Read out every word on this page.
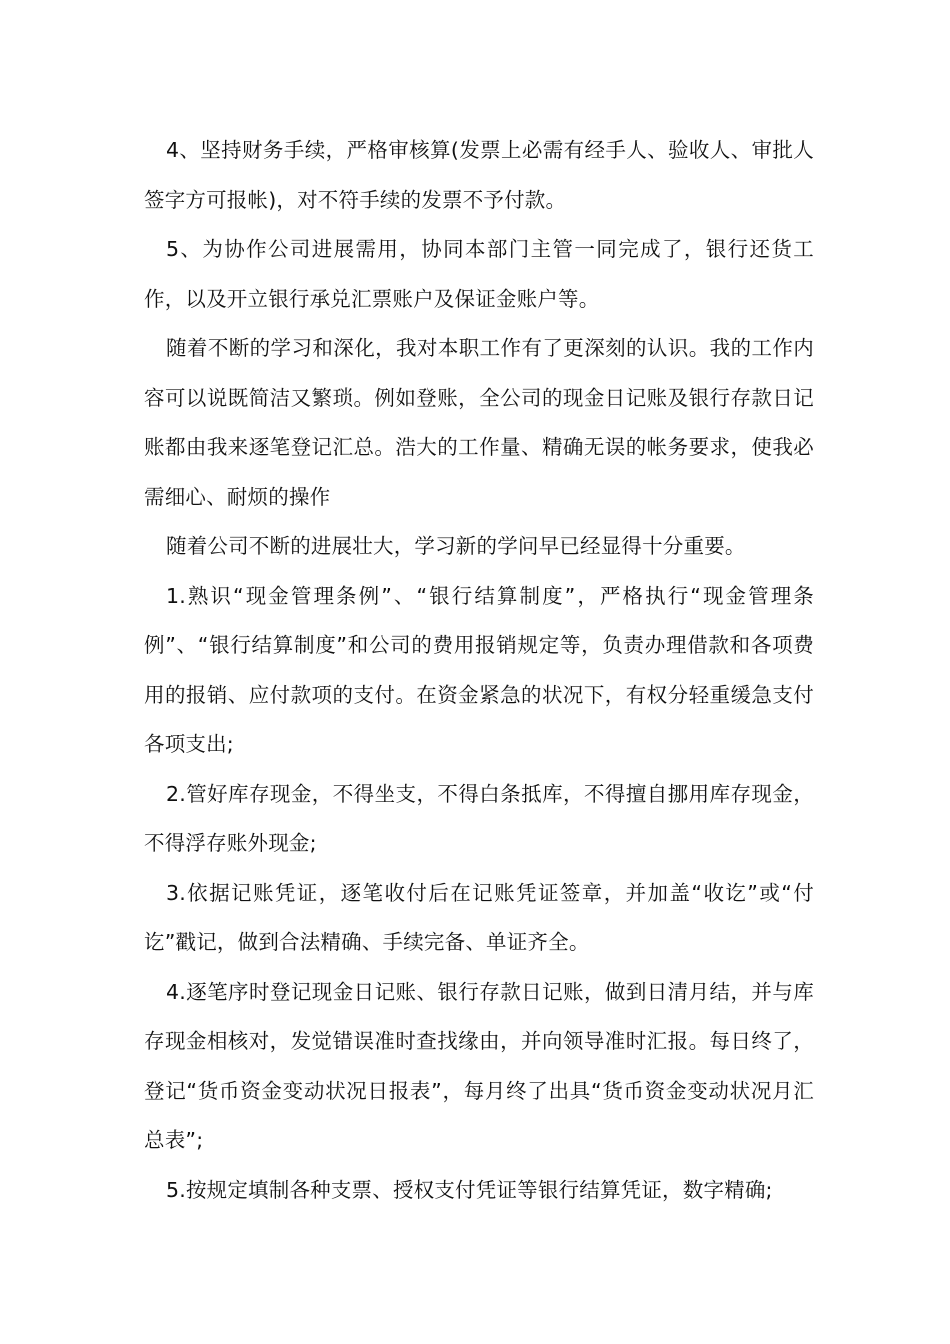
4、坚持财务手续，严格审核算(发票上必需有经手人、验收人、审批人签字方可报帐)，对不符手续的发票不予付款。

5、为协作公司进展需用，协同本部门主管一同完成了，银行还货工作，以及开立银行承兑汇票账户及保证金账户等。

随着不断的学习和深化，我对本职工作有了更深刻的认识。我的工作内容可以说既简洁又繁琐。例如登账，全公司的现金日记账及银行存款日记账都由我来逐笔登记汇总。浩大的工作量、精确无误的帐务要求，使我必需细心、耐烦的操作

随着公司不断的进展壮大，学习新的学问早已经显得十分重要。

1.熟识“现金管理条例”、“银行结算制度”，严格执行“现金管理条例”、“银行结算制度”和公司的费用报销规定等，负责办理借款和各项费用的报销、应付款项的支付。在资金紧急的状况下，有权分轻重缓急支付各项支出;

2.管好库存现金，不得坐支，不得白条抵库，不得擅自挪用库存现金，不得浮存账外现金;

3.依据记账凭证，逐笔收付后在记账凭证签章，并加盖“收讫”或“付讫”戳记，做到合法精确、手续完备、单证齐全。

4.逐笔序时登记现金日记账、银行存款日记账，做到日清月结，并与库存现金相核对，发觉错误准时查找缘由，并向领导准时汇报。每日终了，登记“货币资金变动状况日报表”，每月终了出具“货币资金变动状况月汇总表”;

5.按规定填制各种支票、授权支付凭证等银行结算凭证，数字精确;
